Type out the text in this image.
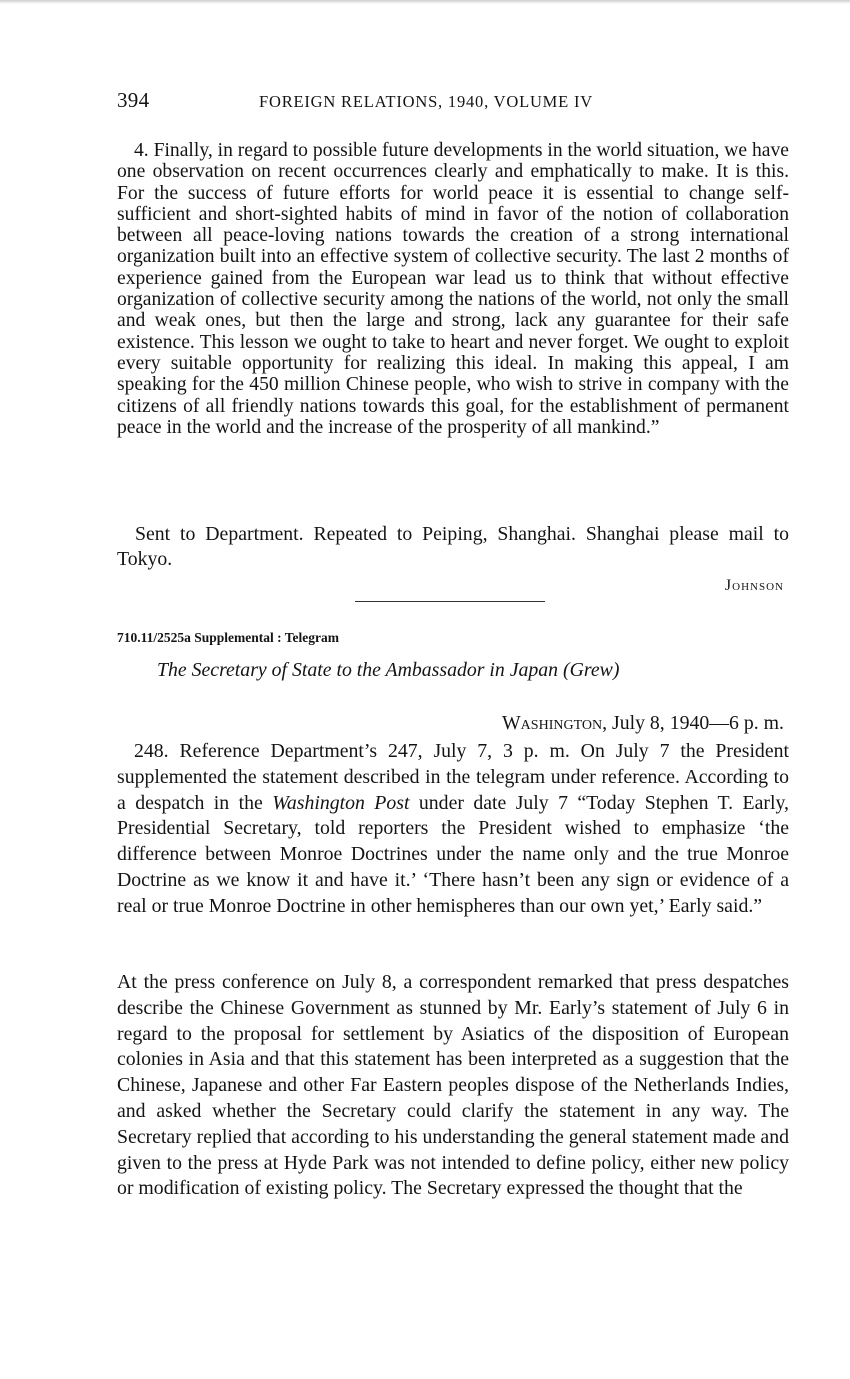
394	FOREIGN RELATIONS, 1940, VOLUME IV

4. Finally, in regard to possible future developments in the world situation, we have one observation on recent occurrences clearly and emphatically to make. It is this. For the success of future efforts for world peace it is essential to change self-sufficient and short-sighted habits of mind in favor of the notion of collaboration between all peace-loving nations towards the creation of a strong international organization built into an effective system of collective security. The last 2 months of experience gained from the European war lead us to think that without effective organization of collective security among the nations of the world, not only the small and weak ones, but then the large and strong, lack any guarantee for their safe existence. This lesson we ought to take to heart and never forget. We ought to exploit every suitable opportunity for realizing this ideal. In making this appeal, I am speaking for the 450 million Chinese people, who wish to strive in company with the citizens of all friendly nations towards this goal, for the establishment of permanent peace in the world and the increase of the prosperity of all mankind.”

Sent to Department. Repeated to Peiping, Shanghai. Shanghai please mail to Tokyo.

Johnson
710.11/2525a Supplemental : Telegram
The Secretary of State to the Ambassador in Japan (Grew)
Washington, July 8, 1940—6 p. m.

248. Reference Department’s 247, July 7, 3 p. m. On July 7 the President supplemented the statement described in the telegram under reference. According to a despatch in the Washington Post under date July 7 “Today Stephen T. Early, Presidential Secretary, told reporters the President wished to emphasize ‘the difference between Monroe Doctrines under the name only and the true Monroe Doctrine as we know it and have it.’ ‘There hasn’t been any sign or evidence of a real or true Monroe Doctrine in other hemispheres than our own yet,’ Early said.”

At the press conference on July 8, a correspondent remarked that press despatches describe the Chinese Government as stunned by Mr. Early’s statement of July 6 in regard to the proposal for settlement by Asiatics of the disposition of European colonies in Asia and that this statement has been interpreted as a suggestion that the Chinese, Japanese and other Far Eastern peoples dispose of the Netherlands Indies, and asked whether the Secretary could clarify the statement in any way. The Secretary replied that according to his understanding the general statement made and given to the press at Hyde Park was not intended to define policy, either new policy or modification of existing policy. The Secretary expressed the thought that the
